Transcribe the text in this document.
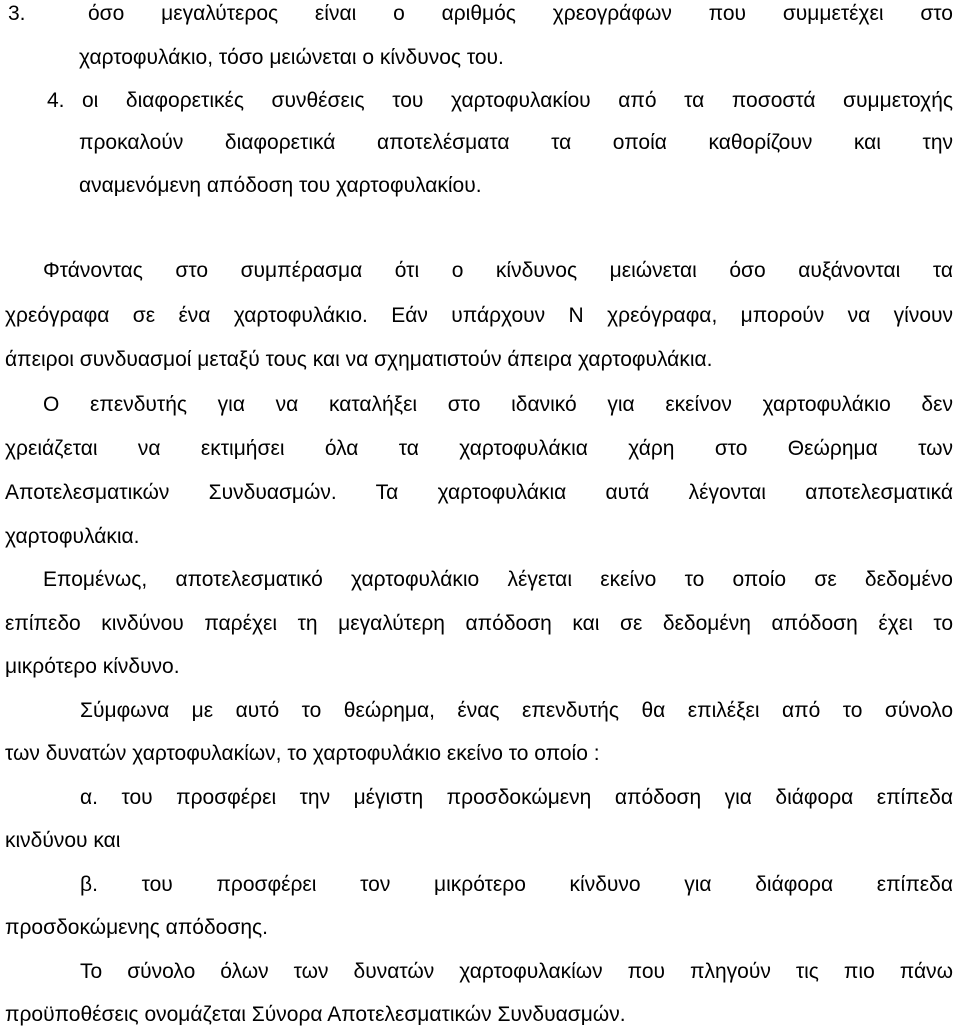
3.	όσο μεγαλύτερος είναι ο αριθμός χρεογράφων που συμμετέχει στο
χαρτοφυλάκιο, τόσο μειώνεται ο κίνδυνος του.
4. οι διαφορετικές συνθέσεις του χαρτοφυλακίου από τα ποσοστά συμμετοχής
προκαλούν διαφορετικά αποτελέσματα τα οποία καθορίζουν και την
αναμενόμενη απόδοση του χαρτοφυλακίου.
Φτάνοντας στο συμπέρασμα ότι ο κίνδυνος μειώνεται όσο αυξάνονται τα
χρεόγραφα σε ένα χαρτοφυλάκιο. Εάν υπάρχουν Ν χρεόγραφα, μπορούν να γίνουν
άπειροι συνδυασμοί μεταξύ τους και να σχηματιστούν άπειρα χαρτοφυλάκια.
Ο επενδυτής για να καταλήξει στο ιδανικό για εκείνον χαρτοφυλάκιο δεν
χρειάζεται να εκτιμήσει όλα τα χαρτοφυλάκια χάρη στο Θεώρημα των
Αποτελεσματικών Συνδυασμών. Τα χαρτοφυλάκια αυτά λέγονται αποτελεσματικά
χαρτοφυλάκια.
Επομένως, αποτελεσματικό χαρτοφυλάκιο λέγεται εκείνο το οποίο σε δεδομένο
επίπεδο κινδύνου παρέχει τη μεγαλύτερη απόδοση και σε δεδομένη απόδοση έχει το
μικρότερο κίνδυνο.
Σύμφωνα με αυτό το θεώρημα, ένας επενδυτής θα επιλέξει από το σύνολο
των δυνατών χαρτοφυλακίων, το χαρτοφυλάκιο εκείνο το οποίο :
α. του προσφέρει την μέγιστη προσδοκώμενη απόδοση για διάφορα επίπεδα
κινδύνου και
β. του προσφέρει τον μικρότερο κίνδυνο για διάφορα επίπεδα
προσδοκώμενης απόδοσης.
Το σύνολο όλων των δυνατών χαρτοφυλακίων που πληγούν τις πιο πάνω
προϋποθέσεις ονομάζεται Σύνορα Αποτελεσματικών Συνδυασμών.
